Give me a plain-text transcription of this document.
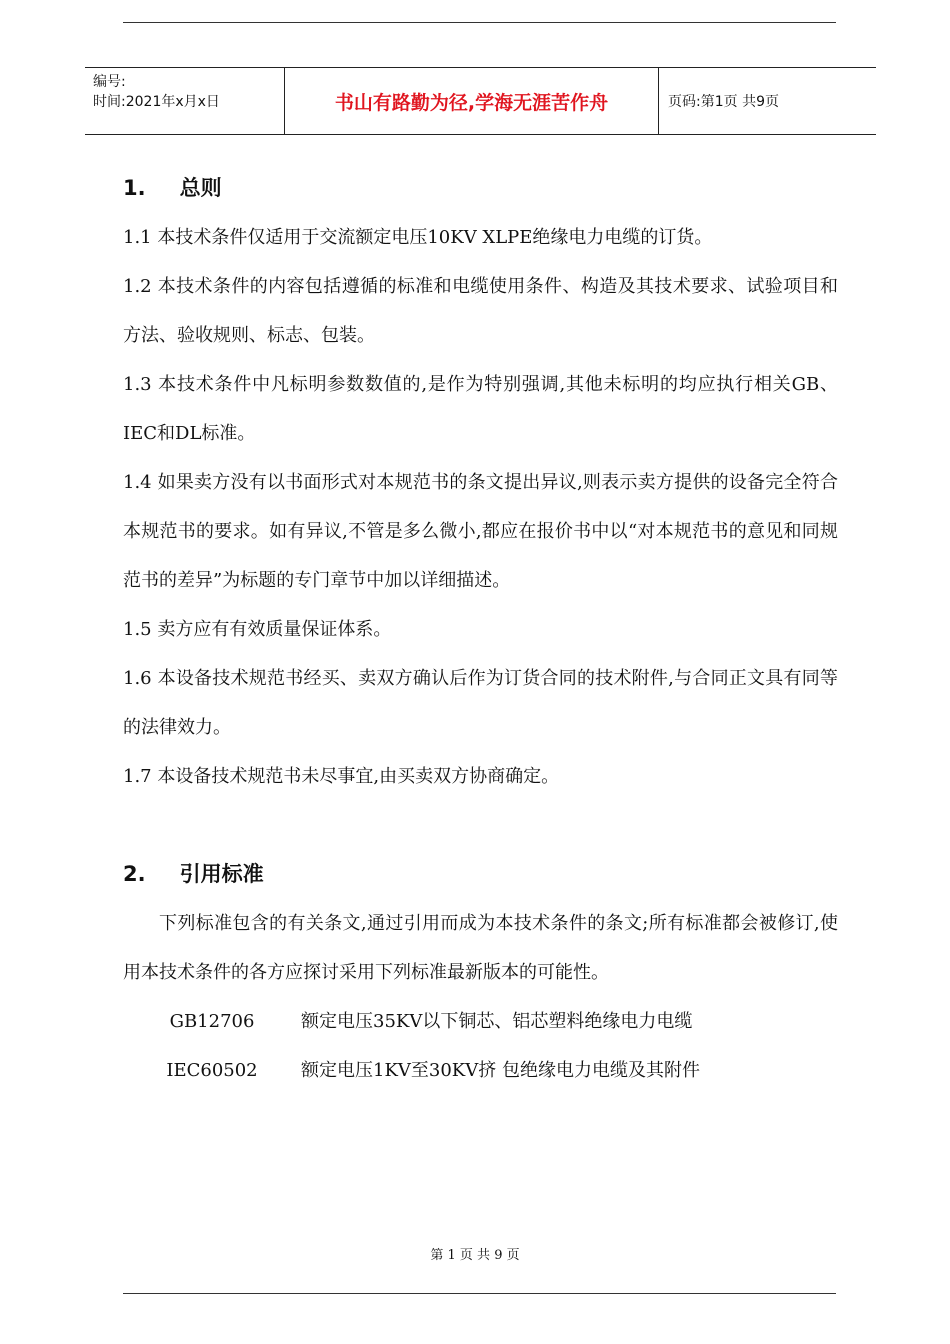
编号:
时间:2021年x月x日	书山有路勤为径,学海无涯苦作舟	页码:第1页 共9页
1. 总则

1.1 本技术条件仅适用于交流额定电压10KV XLPE绝缘电力电缆的订货。

1.2 本技术条件的内容包括遵循的标准和电缆使用条件、构造及其技术要求、试验项目和方法、验收规则、标志、包装。

1.3 本技术条件中凡标明参数数值的,是作为特别强调,其他未标明的均应执行相关GB、IEC和DL标准。

1.4 如果卖方没有以书面形式对本规范书的条文提出异议,则表示卖方提供的设备完全符合本规范书的要求。如有异议,不管是多么微小,都应在报价书中以“对本规范书的意见和同规范书的差异”为标题的专门章节中加以详细描述。

1.5 卖方应有有效质量保证体系。

1.6 本设备技术规范书经买、卖双方确认后作为订货合同的技术附件,与合同正文具有同等的法律效力。

1.7 本设备技术规范书未尽事宜,由买卖双方协商确定。

2. 引用标准

下列标准包含的有关条文,通过引用而成为本技术条件的条文;所有标准都会被修订,使用本技术条件的各方应探讨采用下列标准最新版本的可能性。

GB12706	额定电压35KV以下铜芯、铝芯塑料绝缘电力电缆
IEC60502	额定电压1KV至30KV挤 包绝缘电力电缆及其附件
第 1 页 共 9 页
